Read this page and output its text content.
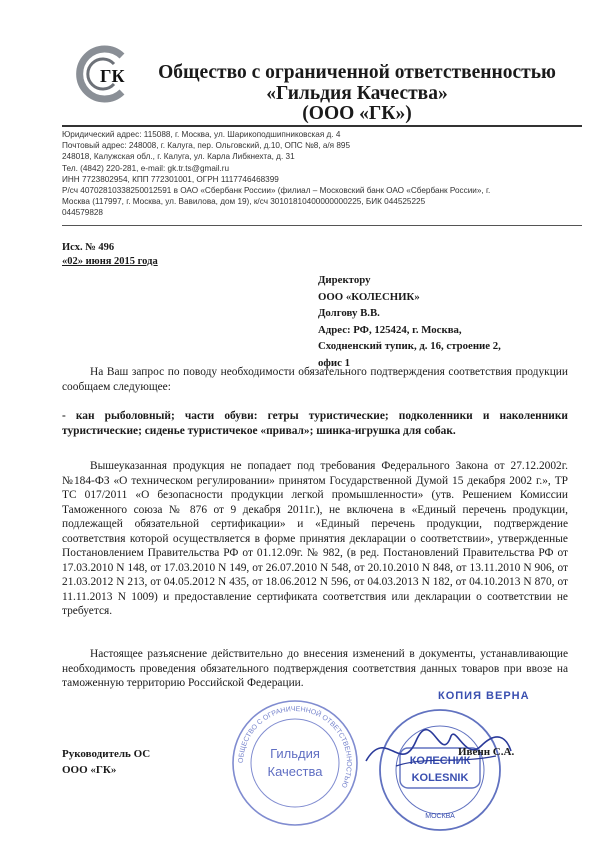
ГК	Общество с ограниченной ответственностью
«Гильдия Качества»
(ООО «ГК»)
Юридический адрес: 115088, г. Москва, ул. Шарикоподшипниковская д. 4
Почтовый адрес: 248008, г. Калуга, пер. Ольговский, д.10, ОПС №8, а/я 895
248018, Калужская обл., г. Калуга, ул. Карла Либкнехта, д. 31
Тел. (4842) 220-281, e-mail: gk.tr.ts@gmail.ru
ИНН 7723802954, КПП 772301001, ОГРН 1117746468399
Р/сч 40702810338250012591 в ОАО «Сбербанк России» (филиал – Московский банк ОАО «Сбербанк России», г.
Москва (117997, г. Москва, ул. Вавилова, дом 19), к/сч 30101810400000000225, БИК 044525225
044579828
Исх. № 496
«02» июня 2015 года
Директору
ООО «КОЛЕСНИК»
Долгову В.В.
Адрес: РФ, 125424, г. Москва,
Сходненский тупик, д. 16, строение 2,
офис 1
На Ваш запрос по поводу необходимости обязательного подтверждения соответствия продукции сообщаем следующее:
- кан рыболовный; части обуви: гетры туристические; подколенники и наколенники туристические; сиденье туристичекое «привал»; шинка-игрушка для собак.
Вышеуказанная продукция не попадает под требования Федерального Закона от 27.12.2002г. №184-ФЗ «О техническом регулировании» принятом Государственной Думой 15 декабря 2002 г.», ТР ТС 017/2011 «О безопасности продукции легкой промышленности» (утв. Решением Комиссии Таможенного союза № 876 от 9 декабря 2011г.), не включена в «Единый перечень продукции, подлежащей обязательной сертификации» и «Единый перечень продукции, подтверждение соответствия которой осуществляется в форме принятия декларации о соответствии», утвержденные Постановлением Правительства РФ от 01.12.09г. № 982, (в ред. Постановлений Правительства РФ от 17.03.2010 N 148, от 17.03.2010 N 149, от 26.07.2010 N 548, от 20.10.2010 N 848, от 13.11.2010 N 906, от 21.03.2012 N 213, от 04.05.2012 N 435, от 18.06.2012 N 596, от 04.03.2013 N 182, от 04.10.2013 N 870, от 11.11.2013 N 1009) и предоставление сертификата соответствия или декларации о соответствии не требуется.
Настоящее разъяснение действительно до внесения изменений в документы, устанавливающие необходимость проведения обязательного подтверждения соответствия данных товаров при ввозе на таможенную территорию Российской Федерации.
КОПИЯ ВЕРНА
ОБЩЕСТВО С ОГРАНИЧЕННОЙ ОТВЕТСТВЕННОСТЬЮ
Гильдия
Качества
КОЛЕСНИК
KOLESNIK
МОСКВА
Руководитель ОС
ООО «ГК»
Ивенн С.А.
